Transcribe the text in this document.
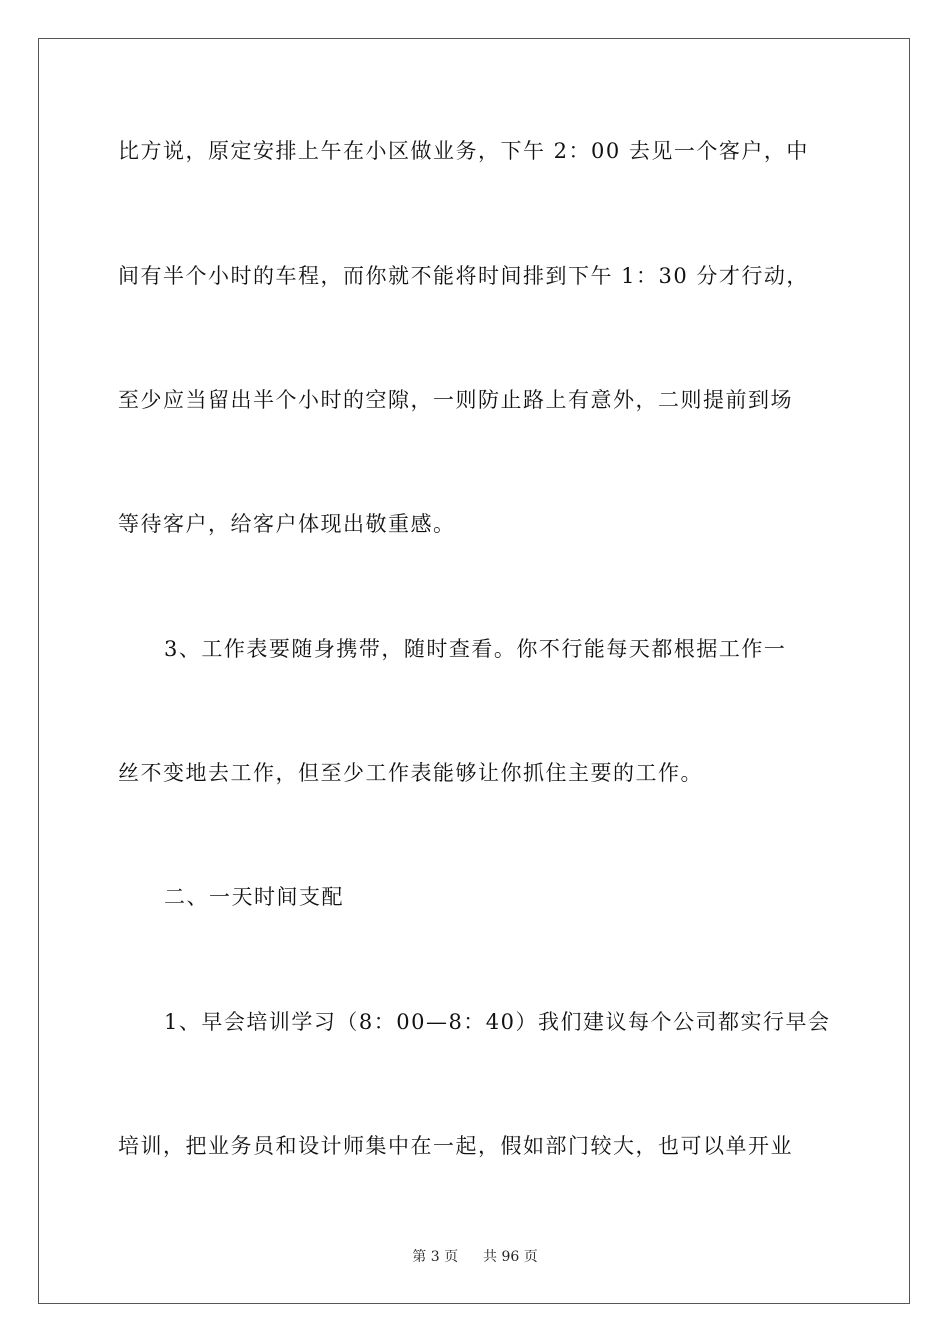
比方说，原定安排上午在小区做业务，下午 2：00 去见一个客户，中
间有半个小时的车程，而你就不能将时间排到下午 1：30 分才行动，
至少应当留出半个小时的空隙，一则防止路上有意外，二则提前到场
等待客户，给客户体现出敬重感。
3、工作表要随身携带，随时查看。你不行能每天都根据工作一
丝不变地去工作，但至少工作表能够让你抓住主要的工作。
二、一天时间支配
1、早会培训学习（8：00—8：40）我们建议每个公司都实行早会
培训，把业务员和设计师集中在一起，假如部门较大，也可以单开业
第 3 页 共 96 页
